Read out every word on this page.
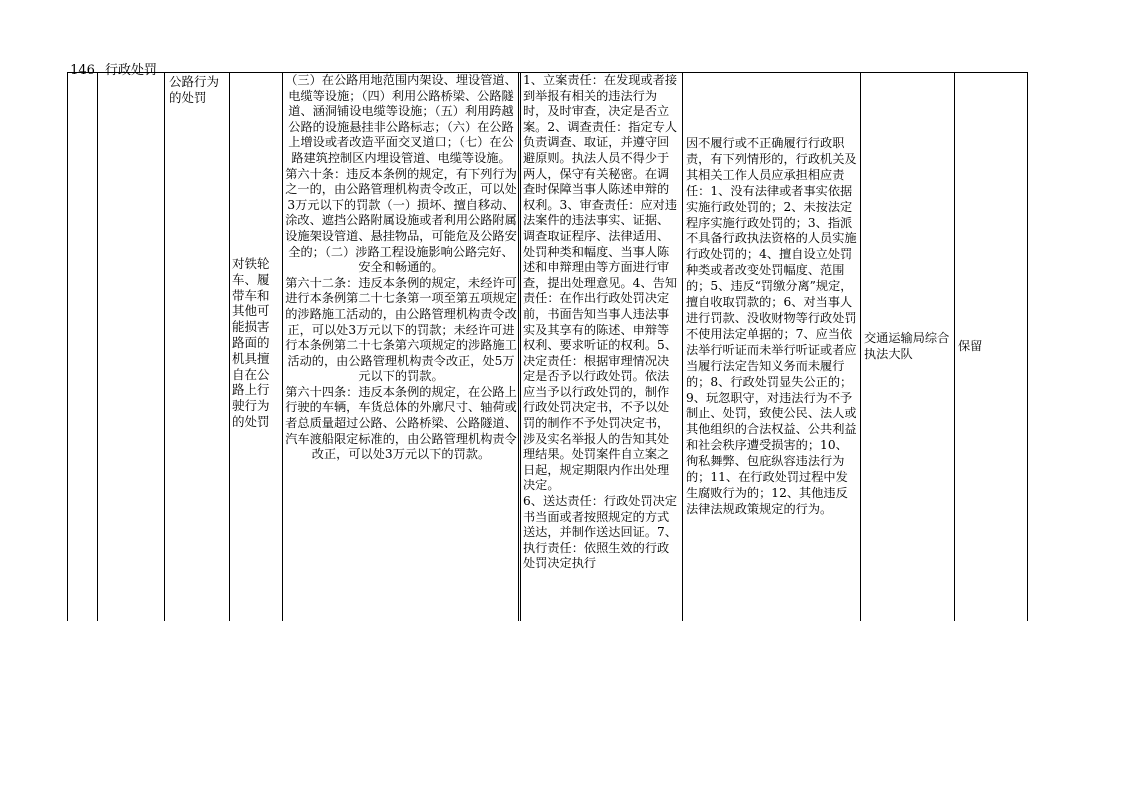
146 行政处罚
公路行为的处罚
对铁轮车、履带车和其他可能损害路面的机具擅自在公路上行驶行为的处罚

（三）在公路用地范围内架设、埋设管道、电缆等设施；（四）利用公路桥梁、公路隧道、涵洞铺设电缆等设施；（五）利用跨越公路的设施悬挂非公路标志；（六）在公路上增设或者改造平面交叉道口；（七）在公路建筑控制区内埋设管道、电缆等设施。

第六十条：违反本条例的规定，有下列行为之一的，由公路管理机构责令改正，可以处3万元以下的罚款（一）损坏、擅自移动、涂改、遮挡公路附属设施或者利用公路附属设施架设管道、悬挂物品，可能危及公路安全的；（二）涉路工程设施影响公路完好、安全和畅通的。

第六十二条：违反本条例的规定，未经许可进行本条例第二十七条第一项至第五项规定的涉路施工活动的，由公路管理机构责令改正，可以处3万元以下的罚款；未经许可进行本条例第二十七条第六项规定的涉路施工活动的，由公路管理机构责令改正，处5万元以下的罚款。

第六十四条：违反本条例的规定，在公路上行驶的车辆，车货总体的外廓尺寸、轴荷或者总质量超过公路、公路桥梁、公路隧道、汽车渡船限定标准的，由公路管理机构责令改正，可以处3万元以下的罚款。

1、立案责任：在发现或者接到举报有相关的违法行为时，及时审查，决定是否立案。2、调查责任：指定专人负责调查、取证，并遵守回避原则。执法人员不得少于两人，保守有关秘密。在调查时保障当事人陈述申辩的权利。3、审查责任：应对违法案件的违法事实、证据、调查取证程序、法律适用、处罚种类和幅度、当事人陈述和申辩理由等方面进行审查，提出处理意见。4、告知责任：在作出行政处罚决定前，书面告知当事人违法事实及其享有的陈述、申辩等权利、要求听证的权利。5、决定责任：根据审理情况决定是否予以行政处罚。依法应当予以行政处罚的，制作行政处罚决定书，不予以处罚的制作不予处罚决定书，涉及实名举报人的告知其处理结果。处罚案件自立案之日起，规定期限内作出处理决定。

6、送达责任：行政处罚决定书当面或者按照规定的方式送达，并制作送达回证。7、执行责任：依照生效的行政处罚决定执行

因不履行或不正确履行行政职责，有下列情形的，行政机关及其相关工作人员应承担相应责任：1、没有法律或者事实依据实施行政处罚的；2、未按法定程序实施行政处罚的；3、指派不具备行政执法资格的人员实施行政处罚的；4、擅自设立处罚种类或者改变处罚幅度、范围的；5、违反“罚缴分离”规定，擅自收取罚款的；6、对当事人进行罚款、没收财物等行政处罚不使用法定单据的；7、应当依法举行听证而未举行听证或者应当履行法定告知义务而未履行的；8、行政处罚显失公正的；9、玩忽职守，对违法行为不予制止、处罚，致使公民、法人或其他组织的合法权益、公共利益和社会秩序遭受损害的；10、徇私舞弊、包庇纵容违法行为的；11、在行政处罚过程中发生腐败行为的；12、其他违反法律法规政策规定的行为。
交通运输局综合执法大队
保留
